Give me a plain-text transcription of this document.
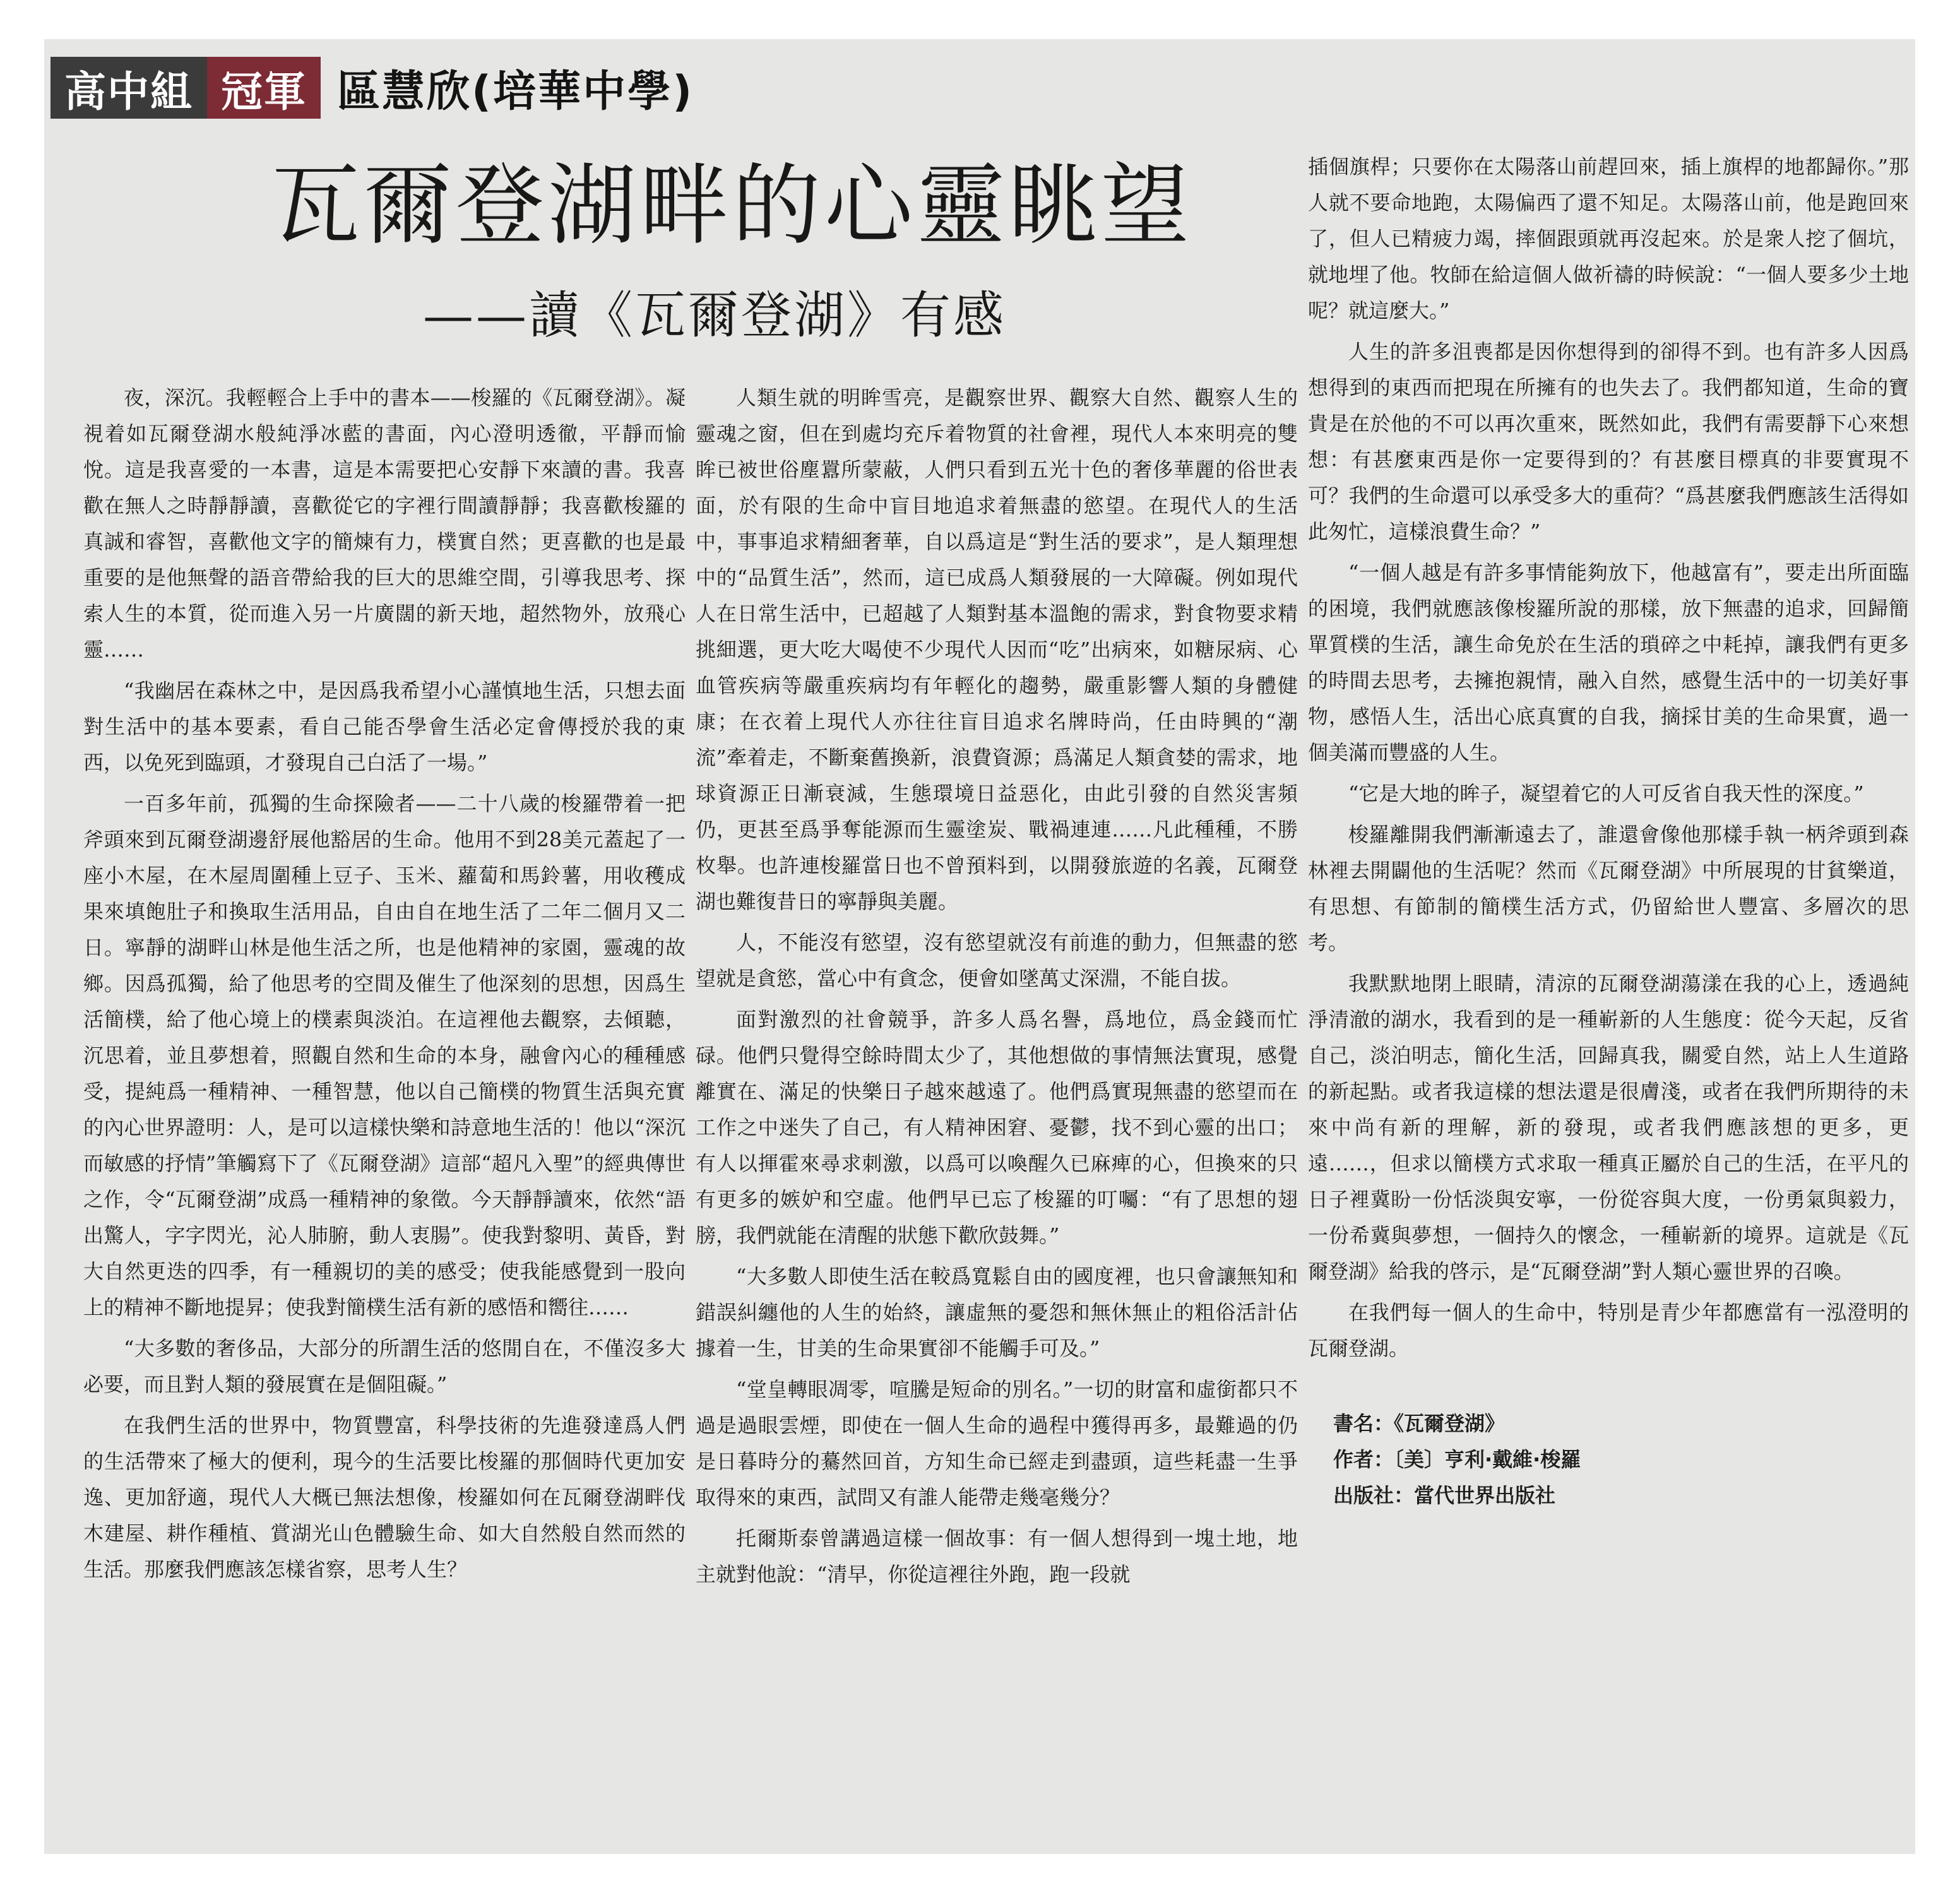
高中組 冠軍 區慧欣(培華中學)
瓦爾登湖畔的心靈眺望
——讀《瓦爾登湖》有感

夜，深沉。我輕輕合上手中的書本——梭羅的《瓦爾登湖》。凝視着如瓦爾登湖水般純淨冰藍的書面，內心澄明透徹，平靜而愉悅。這是我喜愛的一本書，這是本需要把心安靜下來讀的書。我喜歡在無人之時靜靜讀，喜歡從它的字裡行間讀靜靜；我喜歡梭羅的真誠和睿智，喜歡他文字的簡煉有力，樸實自然；更喜歡的也是最重要的是他無聲的語音帶給我的巨大的思維空間，引導我思考、探索人生的本質，從而進入另一片廣闊的新天地，超然物外，放飛心靈……

“我幽居在森林之中，是因爲我希望小心謹慎地生活，只想去面對生活中的基本要素，看自己能否學會生活必定會傳授於我的東西，以免死到臨頭，才發現自己白活了一場。”

一百多年前，孤獨的生命探險者——二十八歲的梭羅帶着一把斧頭來到瓦爾登湖邊舒展他豁居的生命。他用不到28美元蓋起了一座小木屋，在木屋周圍種上豆子、玉米、蘿蔔和馬鈴薯，用收穫成果來填飽肚子和換取生活用品，自由自在地生活了二年二個月又二日。寧靜的湖畔山林是他生活之所，也是他精神的家園，靈魂的故鄉。因爲孤獨，給了他思考的空間及催生了他深刻的思想，因爲生活簡樸，給了他心境上的樸素與淡泊。在這裡他去觀察，去傾聽，沉思着，並且夢想着，照觀自然和生命的本身，融會內心的種種感受，提純爲一種精神、一種智慧，他以自己簡樸的物質生活與充實的內心世界證明：人，是可以這樣快樂和詩意地生活的！他以“深沉而敏感的抒情”筆觸寫下了《瓦爾登湖》這部“超凡入聖”的經典傳世之作，令“瓦爾登湖”成爲一種精神的象徵。今天靜靜讀來，依然“語出驚人，字字閃光，沁人肺腑，動人衷腸”。使我對黎明、黃昏，對大自然更迭的四季，有一種親切的美的感受；使我能感覺到一股向上的精神不斷地提昇；使我對簡樸生活有新的感悟和嚮往……

“大多數的奢侈品，大部分的所謂生活的悠閒自在，不僅沒多大必要，而且對人類的發展實在是個阻礙。”

在我們生活的世界中，物質豐富，科學技術的先進發達爲人們的生活帶來了極大的便利，現今的生活要比梭羅的那個時代更加安逸、更加舒適，現代人大概已無法想像，梭羅如何在瓦爾登湖畔伐木建屋、耕作種植、賞湖光山色體驗生命、如大自然般自然而然的生活。那麼我們應該怎樣省察，思考人生？

人類生就的明眸雪亮，是觀察世界、觀察大自然、觀察人生的靈魂之窗，但在到處均充斥着物質的社會裡，現代人本來明亮的雙眸已被世俗塵囂所蒙蔽，人們只看到五光十色的奢侈華麗的俗世表面，於有限的生命中盲目地追求着無盡的慾望。在現代人的生活中，事事追求精細奢華，自以爲這是“對生活的要求”，是人類理想中的“品質生活”，然而，這已成爲人類發展的一大障礙。例如現代人在日常生活中，已超越了人類對基本溫飽的需求，對食物要求精挑細選，更大吃大喝使不少現代人因而“吃”出病來，如糖尿病、心血管疾病等嚴重疾病均有年輕化的趨勢，嚴重影響人類的身體健康；在衣着上現代人亦往往盲目追求名牌時尚，任由時興的“潮流”牽着走，不斷棄舊換新，浪費資源；爲滿足人類貪婪的需求，地球資源正日漸衰減，生態環境日益惡化，由此引發的自然災害頻仍，更甚至爲爭奪能源而生靈塗炭、戰禍連連……凡此種種，不勝枚舉。也許連梭羅當日也不曾預料到，以開發旅遊的名義，瓦爾登湖也難復昔日的寧靜與美麗。

人，不能沒有慾望，沒有慾望就沒有前進的動力，但無盡的慾望就是貪慾，當心中有貪念，便會如墜萬丈深淵，不能自拔。

面對激烈的社會競爭，許多人爲名譽，爲地位，爲金錢而忙碌。他們只覺得空餘時間太少了，其他想做的事情無法實現，感覺離實在、滿足的快樂日子越來越遠了。他們爲實現無盡的慾望而在工作之中迷失了自己，有人精神困窘、憂鬱，找不到心靈的出口；有人以揮霍來尋求刺激，以爲可以喚醒久已麻痺的心，但換來的只有更多的嫉妒和空虛。他們早已忘了梭羅的叮囑：“有了思想的翅膀，我們就能在清醒的狀態下歡欣鼓舞。”

“大多數人即使生活在較爲寬鬆自由的國度裡，也只會讓無知和錯誤糾纏他的人生的始終，讓虛無的憂怨和無休無止的粗俗活計佔據着一生，甘美的生命果實卻不能觸手可及。”

“堂皇轉眼凋零，喧騰是短命的別名。”一切的財富和虛銜都只不過是過眼雲煙，即使在一個人生命的過程中獲得再多，最難過的仍是日暮時分的驀然回首，方知生命已經走到盡頭，這些耗盡一生爭取得來的東西，試問又有誰人能帶走幾毫幾分？

托爾斯泰曾講過這樣一個故事：有一個人想得到一塊土地，地主就對他說：“清早，你從這裡往外跑，跑一段就

插個旗桿；只要你在太陽落山前趕回來，插上旗桿的地都歸你。”那人就不要命地跑，太陽偏西了還不知足。太陽落山前，他是跑回來了，但人已精疲力竭，摔個跟頭就再沒起來。於是衆人挖了個坑，就地埋了他。牧師在給這個人做祈禱的時候說：“一個人要多少土地呢？就這麼大。”

人生的許多沮喪都是因你想得到的卻得不到。也有許多人因爲想得到的東西而把現在所擁有的也失去了。我們都知道，生命的寶貴是在於他的不可以再次重來，既然如此，我們有需要靜下心來想想：有甚麼東西是你一定要得到的？有甚麼目標真的非要實現不可？我們的生命還可以承受多大的重荷？“爲甚麼我們應該生活得如此匆忙，這樣浪費生命？”

“一個人越是有許多事情能夠放下，他越富有”，要走出所面臨的困境，我們就應該像梭羅所說的那樣，放下無盡的追求，回歸簡單質樸的生活，讓生命免於在生活的瑣碎之中耗掉，讓我們有更多的時間去思考，去擁抱親情，融入自然，感覺生活中的一切美好事物，感悟人生，活出心底真實的自我，摘採甘美的生命果實，過一個美滿而豐盛的人生。

“它是大地的眸子，凝望着它的人可反省自我天性的深度。”

梭羅離開我們漸漸遠去了，誰還會像他那樣手執一柄斧頭到森林裡去開闢他的生活呢？然而《瓦爾登湖》中所展現的甘貧樂道，有思想、有節制的簡樸生活方式，仍留給世人豐富、多層次的思考。

我默默地閉上眼睛，清涼的瓦爾登湖蕩漾在我的心上，透過純淨清澈的湖水，我看到的是一種嶄新的人生態度：從今天起，反省自己，淡泊明志，簡化生活，回歸真我，關愛自然，站上人生道路的新起點。或者我這樣的想法還是很膚淺，或者在我們所期待的未來中尚有新的理解，新的發現，或者我們應該想的更多，更遠……，但求以簡樸方式求取一種真正屬於自己的生活，在平凡的日子裡冀盼一份恬淡與安寧，一份從容與大度，一份勇氣與毅力，一份希冀與夢想，一個持久的懷念，一種嶄新的境界。這就是《瓦爾登湖》給我的啓示，是“瓦爾登湖”對人類心靈世界的召喚。

在我們每一個人的生命中，特別是青少年都應當有一泓澄明的瓦爾登湖。

書名：《瓦爾登湖》
作者：〔美〕亨利·戴維·梭羅
出版社：當代世界出版社
